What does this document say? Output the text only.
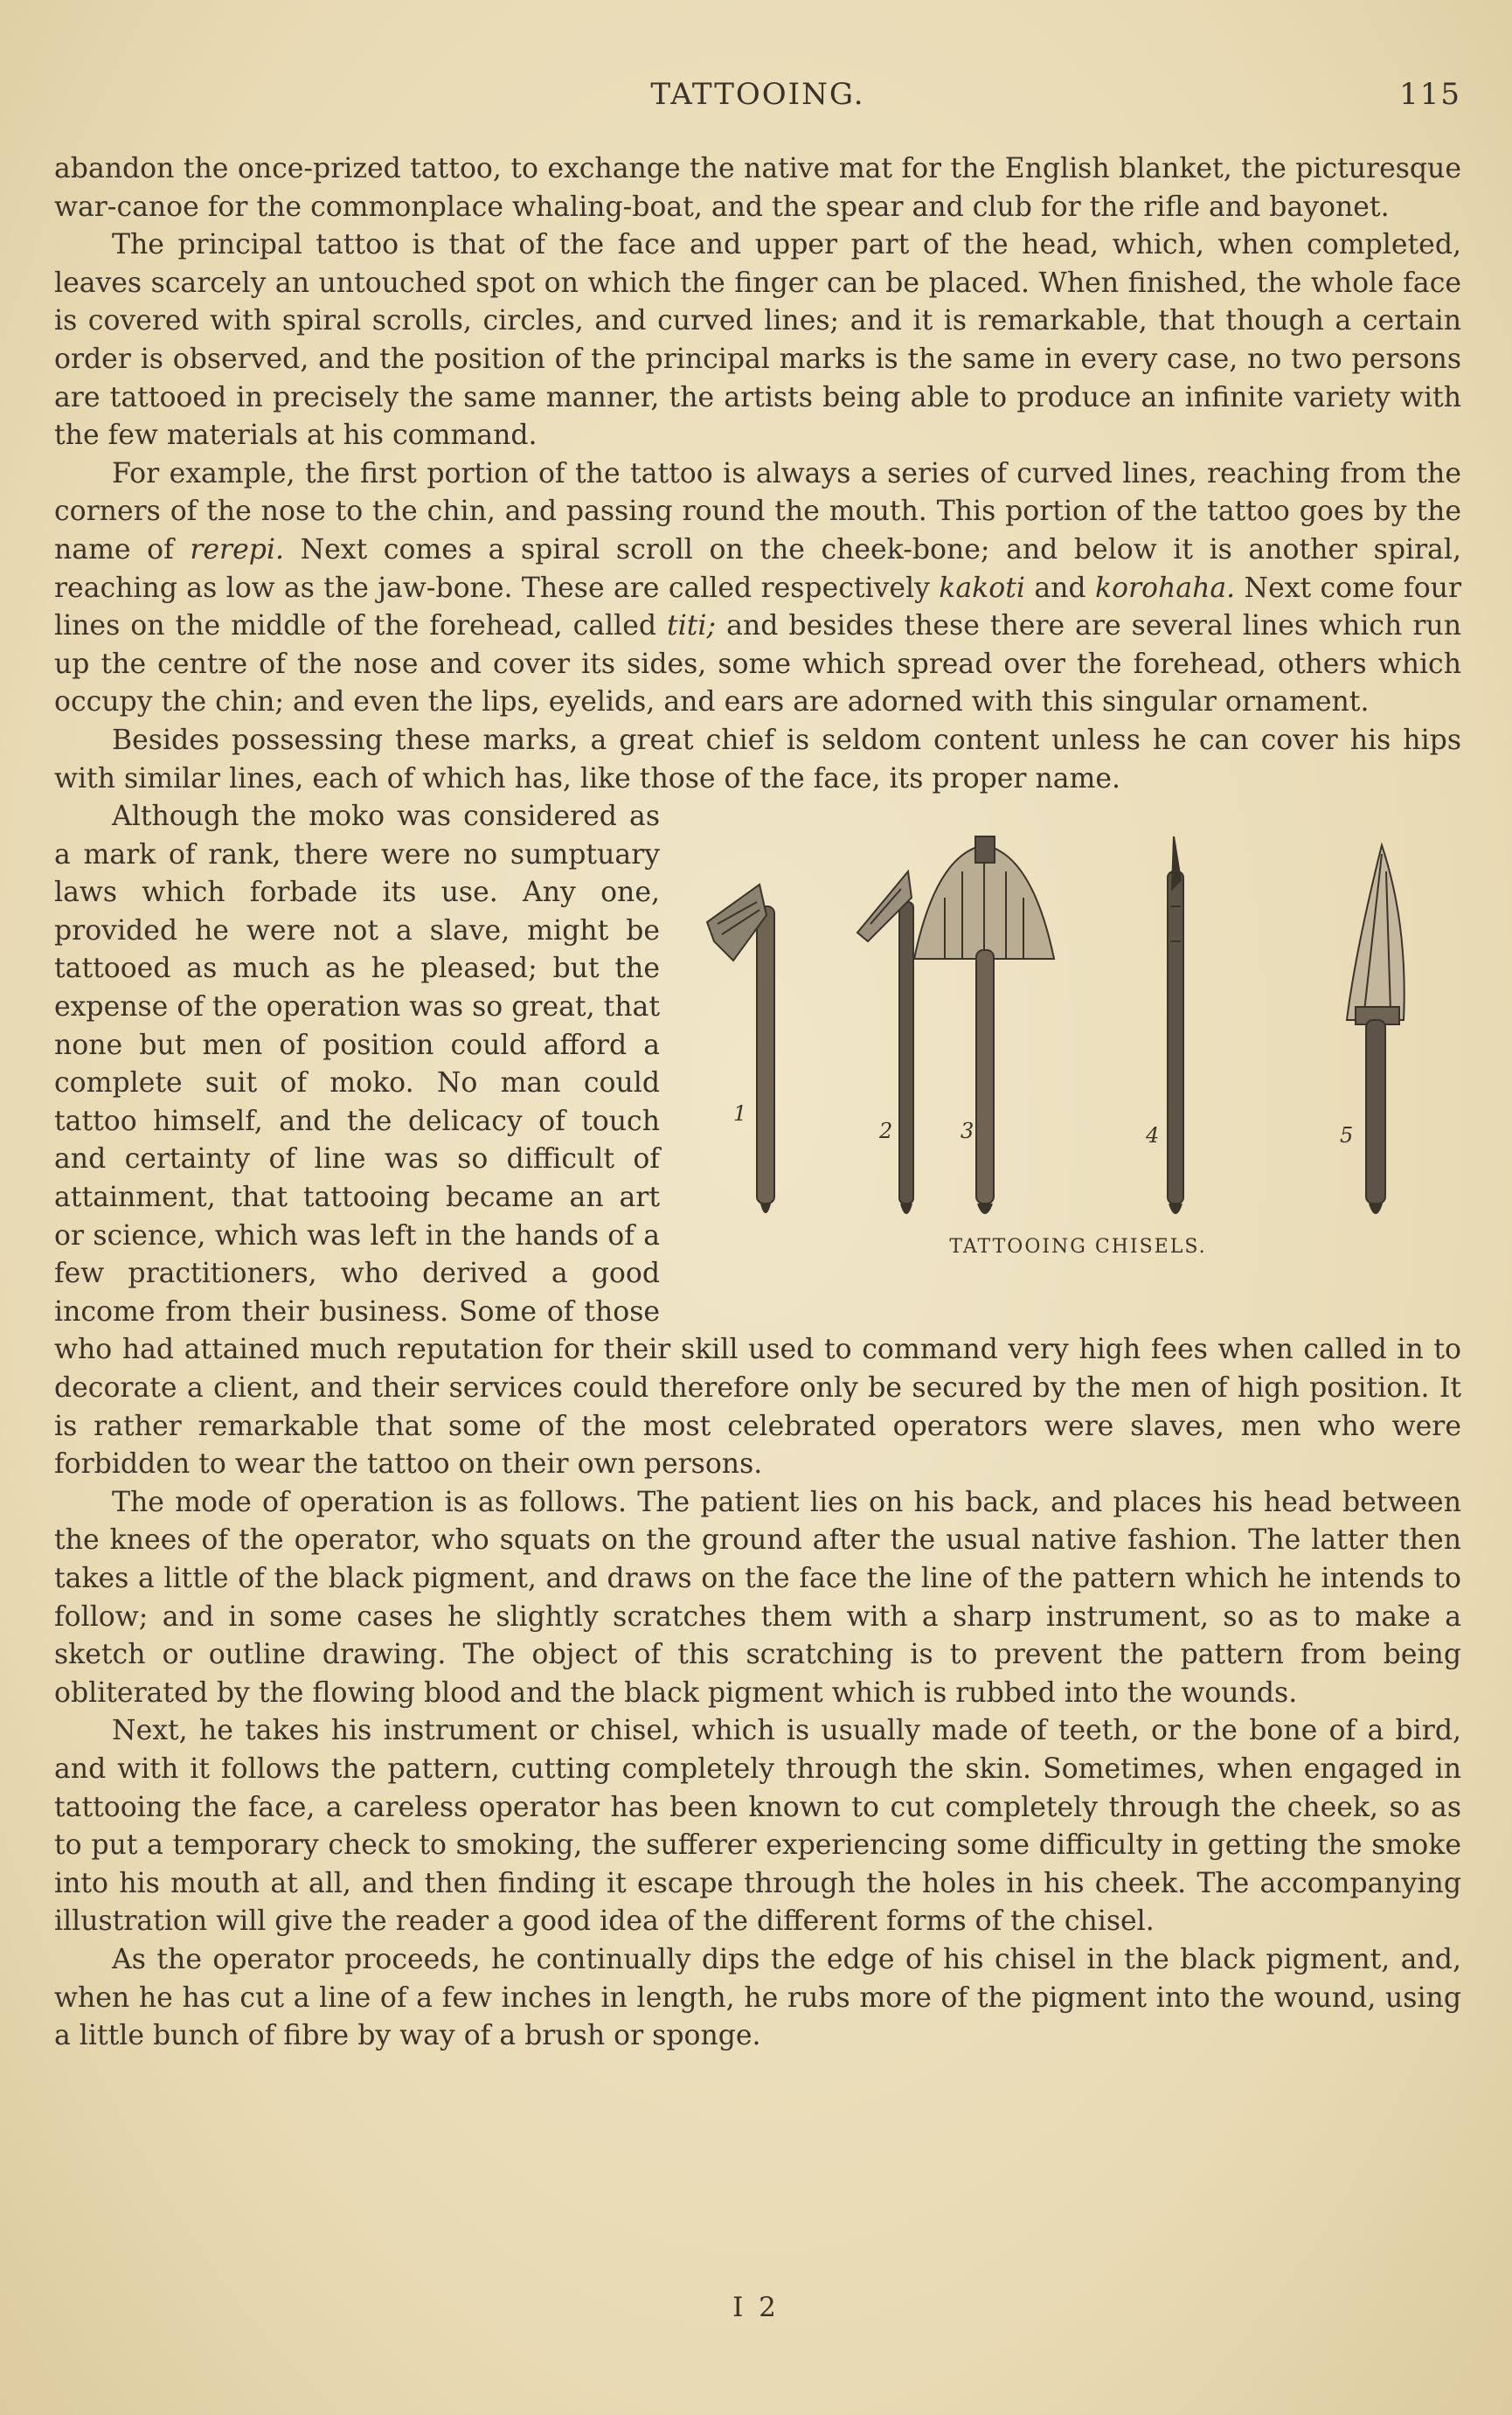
TATTOOING.	115

abandon the once-prized tattoo, to exchange the native mat for the English blanket, the picturesque war-canoe for the commonplace whaling-boat, and the spear and club for the rifle and bayonet.

The principal tattoo is that of the face and upper part of the head, which, when completed, leaves scarcely an untouched spot on which the finger can be placed. When finished, the whole face is covered with spiral scrolls, circles, and curved lines; and it is remarkable, that though a certain order is observed, and the position of the principal marks is the same in every case, no two persons are tattooed in precisely the same manner, the artists being able to produce an infinite variety with the few materials at his command.

For example, the first portion of the tattoo is always a series of curved lines, reaching from the corners of the nose to the chin, and passing round the mouth. This portion of the tattoo goes by the name of rerepi. Next comes a spiral scroll on the cheek-bone; and below it is another spiral, reaching as low as the jaw-bone. These are called respectively kakoti and korohaha. Next come four lines on the middle of the forehead, called titi; and besides these there are several lines which run up the centre of the nose and cover its sides, some which spread over the forehead, others which occupy the chin; and even the lips, eyelids, and ears are adorned with this singular ornament.

Besides possessing these marks, a great chief is seldom content unless he can cover his hips with similar lines, each of which has, like those of the face, its proper name.

1
2	3	4	5
TATTOOING CHISELS.

Although the moko was considered as a mark of rank, there were no sumptuary laws which forbade its use. Any one, provided he were not a slave, might be tattooed as much as he pleased; but the expense of the operation was so great, that none but men of position could afford a complete suit of moko. No man could tattoo himself, and the delicacy of touch and certainty of line was so difficult of attainment, that tattooing became an art or science, which was left in the hands of a few practitioners, who derived a good income from their business. Some of those who had attained much reputation for their skill used to command very high fees when called in to decorate a client, and their services could therefore only be secured by the men of high position. It is rather remarkable that some of the most celebrated operators were slaves, men who were forbidden to wear the tattoo on their own persons.

The mode of operation is as follows. The patient lies on his back, and places his head between the knees of the operator, who squats on the ground after the usual native fashion. The latter then takes a little of the black pigment, and draws on the face the line of the pattern which he intends to follow; and in some cases he slightly scratches them with a sharp instrument, so as to make a sketch or outline drawing. The object of this scratching is to prevent the pattern from being obliterated by the flowing blood and the black pigment which is rubbed into the wounds.

Next, he takes his instrument or chisel, which is usually made of teeth, or the bone of a bird, and with it follows the pattern, cutting completely through the skin. Sometimes, when engaged in tattooing the face, a careless operator has been known to cut completely through the cheek, so as to put a temporary check to smoking, the sufferer experiencing some difficulty in getting the smoke into his mouth at all, and then finding it escape through the holes in his cheek. The accompanying illustration will give the reader a good idea of the different forms of the chisel.

As the operator proceeds, he continually dips the edge of his chisel in the black pigment, and, when he has cut a line of a few inches in length, he rubs more of the pigment into the wound, using a little bunch of fibre by way of a brush or sponge.

I 2
